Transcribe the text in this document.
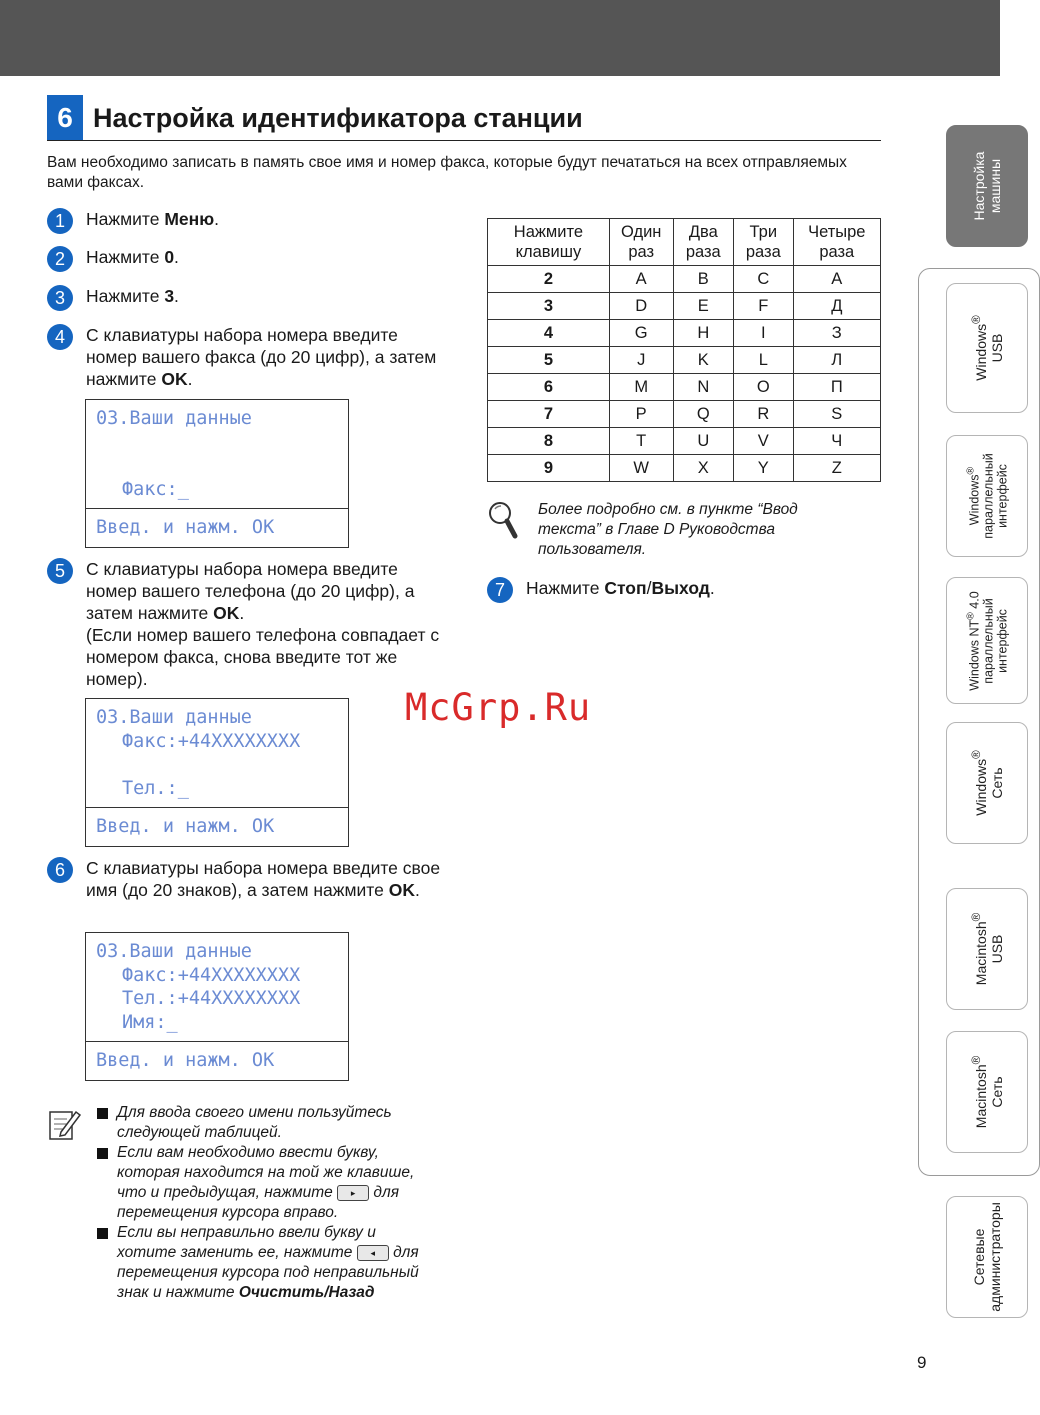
6 Настройка идентификатора станции

Вам необходимо записать в память свое имя и номер факса, которые будут печататься на всех отправляемых вами факсах.

1	Нажмите Меню.
2	Нажмите 0.
3	Нажмите 3.
4	С клавиатуры набора номера введите номер вашего факса (до 20 цифр), а затем нажмите OK.
03.Ваши данные
Факс:_
Введ. и нажм. OK
5	С клавиатуры набора номера введите номер вашего телефона (до 20 цифр), а затем нажмите OK.
(Если номер вашего телефона совпадает с номером факса, снова введите тот же номер).
03.Ваши данные
Факс:+44XXXXXXXX
Тел.:_
Введ. и нажм. OK
6	С клавиатуры набора номера введите свое имя (до 20 знаков), а затем нажмите OK.
03.Ваши данные
Факс:+44XXXXXXXX
Тел.:+44XXXXXXXX
Имя:_
Введ. и нажм. OK
Для ввода своего имени пользуйтесь следующей таблицей.
Если вам необходимо ввести букву, которая находится на той же клавише, что и предыдущая, нажмите ▸ для перемещения курсора вправо.
Если вы неправильно ввели букву и хотите заменить ее, нажмите ◂ для перемещения курсора под неправильный знак и нажмите Очистить/Назад
Нажмите клавишу	Один раз	Два раза	Три раза	Четыре раза
2	A	B	C	А
3	D	E	F	Д
4	G	H	I	З
5	J	K	L	Л
6	M	N	O	П
7	P	Q	R	S
8	T	U	V	Ч
9	W	X	Y	Z
Более подробно см. в пункте “Ввод текста” в Главе D Руководства пользователя.
7	Нажмите Стоп/Выход.
McGrp.Ru
Настройка
машины
Windows®
USB
Windows® параллельный
интерфейс
Windows NT® 4.0
параллельный
интерфейс
Windows®
Сеть
Macintosh®
USB
Macintosh®
Сеть
Сетевые
администраторы
9
